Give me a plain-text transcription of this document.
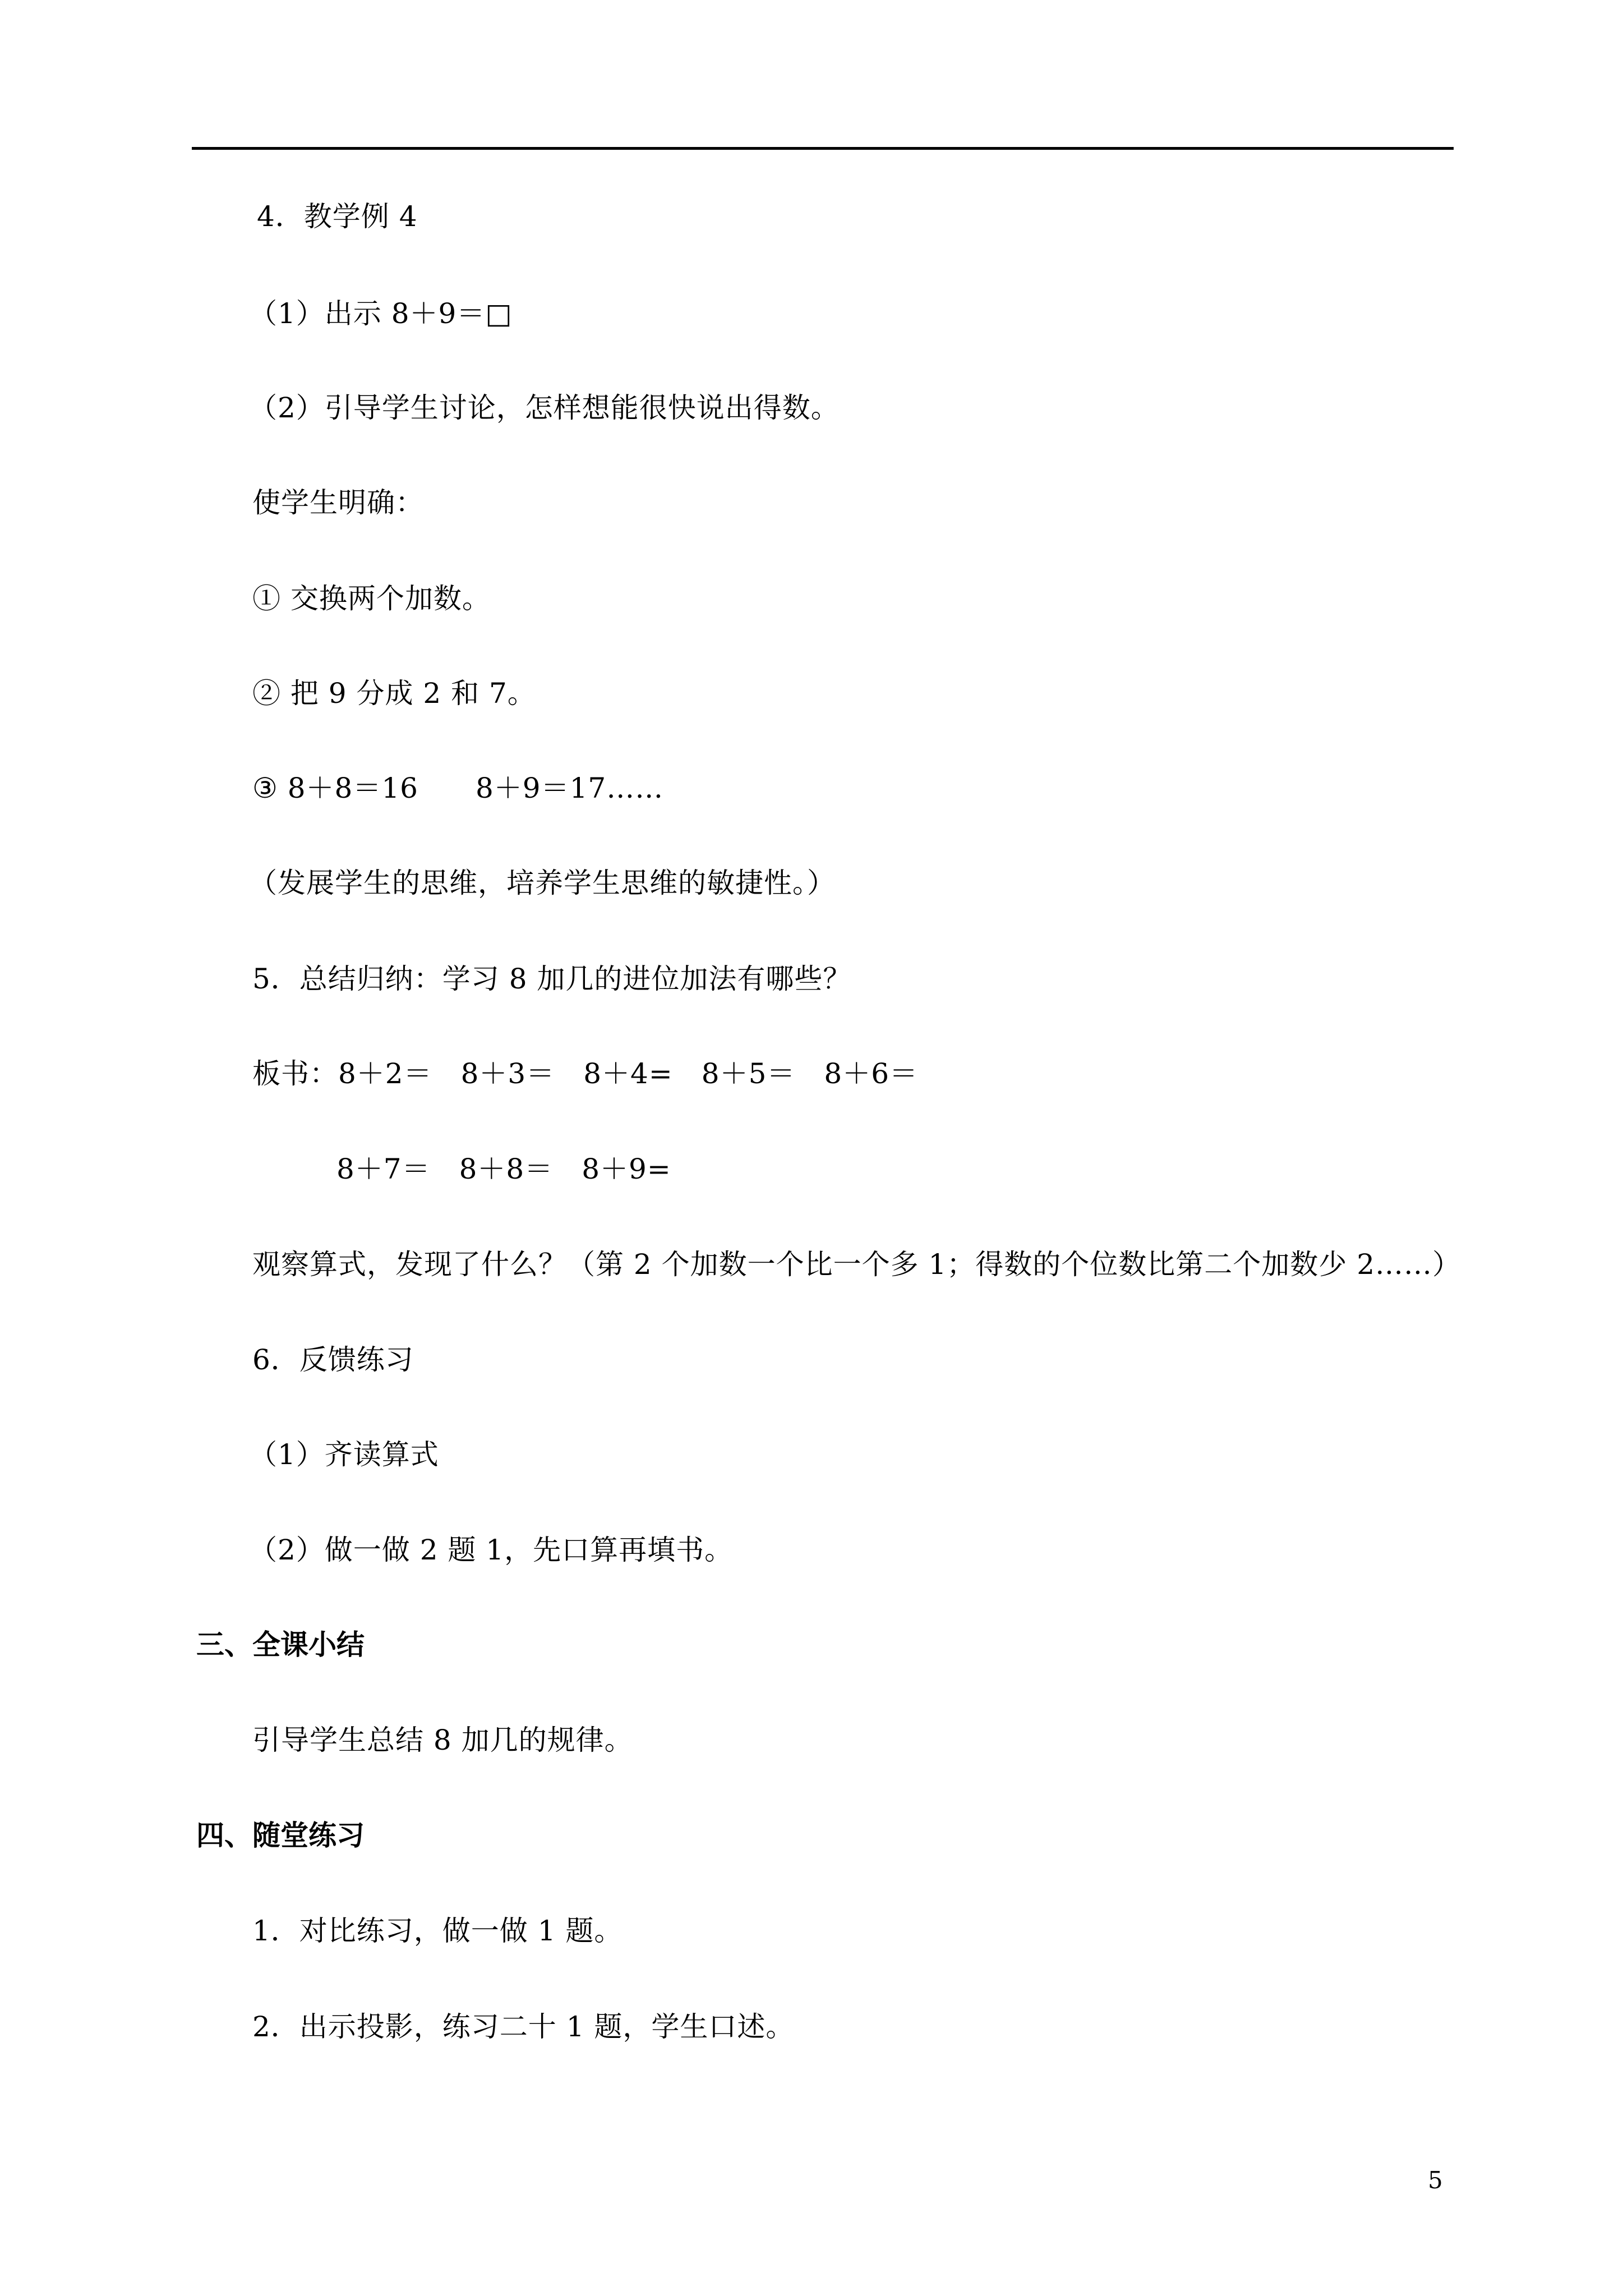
4．教学例 4
（1）出示 8＋9＝□
（2）引导学生讨论，怎样想能很快说出得数。
使学生明确：
① 交换两个加数。
② 把 9 分成 2 和 7。
③ 8＋8＝16　　8＋9＝17……
（发展学生的思维，培养学生思维的敏捷性。）
5．总结归纳：学习 8 加几的进位加法有哪些？
板书：8＋2＝　8＋3＝　8＋4=　8＋5＝　8＋6＝
8＋7＝　8＋8＝　8＋9=
观察算式，发现了什么？（第 2 个加数一个比一个多 1；得数的个位数比第二个加数少 2……）
6．反馈练习
（1）齐读算式
（2）做一做 2 题 1，先口算再填书。
三、全课小结
引导学生总结 8 加几的规律。
四、随堂练习
1．对比练习，做一做 1 题。
2．出示投影，练习二十 1 题，学生口述。
5
